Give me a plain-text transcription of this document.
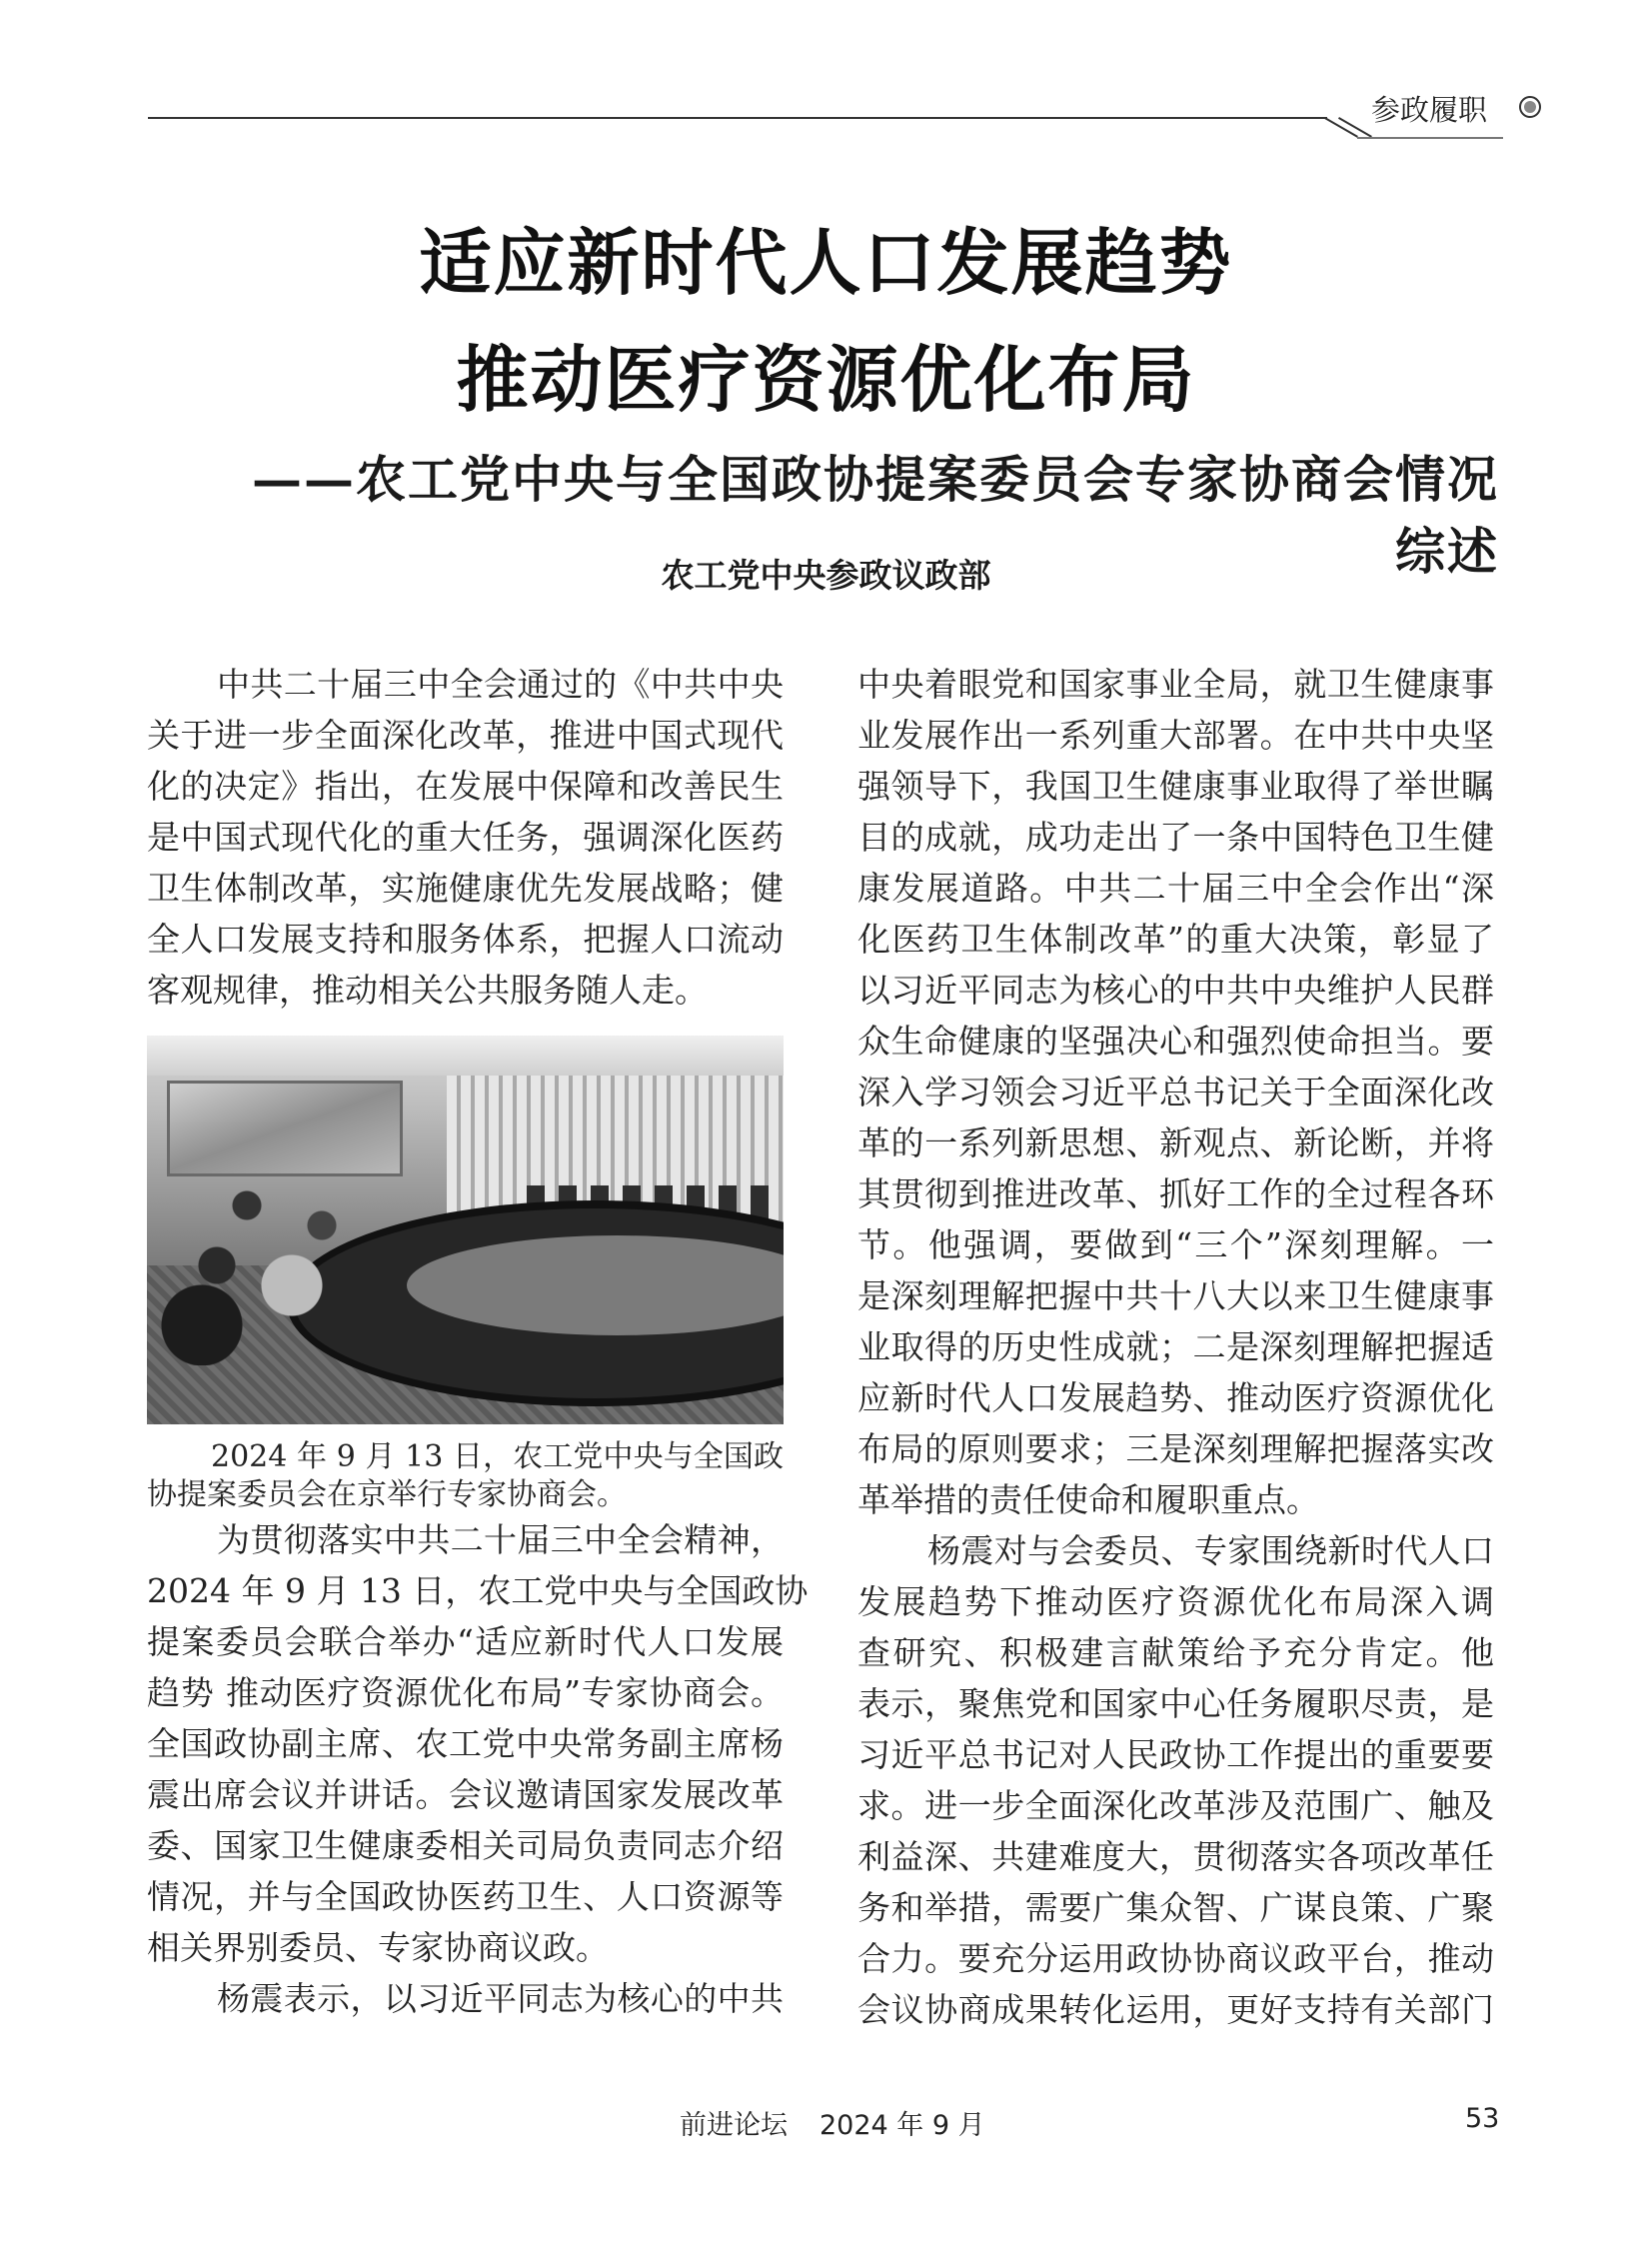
参政履职
适应新时代人口发展趋势
推动医疗资源优化布局
——农工党中央与全国政协提案委员会专家协商会情况综述
农工党中央参政议政部
中共二十届三中全会通过的《中共中央
关于进一步全面深化改革，推进中国式现代
化的决定》指出，在发展中保障和改善民生
是中国式现代化的重大任务，强调深化医药
卫生体制改革，实施健康优先发展战略；健
全人口发展支持和服务体系，把握人口流动
客观规律，推动相关公共服务随人走。
2024 年 9 月 13 日，农工党中央与全国政
协提案委员会在京举行专家协商会。
为贯彻落实中共二十届三中全会精神，
2024 年 9 月 13 日，农工党中央与全国政协
提案委员会联合举办“适应新时代人口发展
趋势 推动医疗资源优化布局”专家协商会。
全国政协副主席、农工党中央常务副主席杨
震出席会议并讲话。会议邀请国家发展改革
委、国家卫生健康委相关司局负责同志介绍
情况，并与全国政协医药卫生、人口资源等
相关界别委员、专家协商议政。
杨震表示，以习近平同志为核心的中共
中央着眼党和国家事业全局，就卫生健康事
业发展作出一系列重大部署。在中共中央坚
强领导下，我国卫生健康事业取得了举世瞩
目的成就，成功走出了一条中国特色卫生健
康发展道路。中共二十届三中全会作出“深
化医药卫生体制改革”的重大决策，彰显了
以习近平同志为核心的中共中央维护人民群
众生命健康的坚强决心和强烈使命担当。要
深入学习领会习近平总书记关于全面深化改
革的一系列新思想、新观点、新论断，并将
其贯彻到推进改革、抓好工作的全过程各环
节。他强调，要做到“三个”深刻理解。一
是深刻理解把握中共十八大以来卫生健康事
业取得的历史性成就；二是深刻理解把握适
应新时代人口发展趋势、推动医疗资源优化
布局的原则要求；三是深刻理解把握落实改
革举措的责任使命和履职重点。
杨震对与会委员、专家围绕新时代人口
发展趋势下推动医疗资源优化布局深入调
查研究、积极建言献策给予充分肯定。他
表示，聚焦党和国家中心任务履职尽责，是
习近平总书记对人民政协工作提出的重要要
求。进一步全面深化改革涉及范围广、触及
利益深、共建难度大，贯彻落实各项改革任
务和举措，需要广集众智、广谋良策、广聚
合力。要充分运用政协协商议政平台，推动
会议协商成果转化运用，更好支持有关部门
前进论坛 2024 年 9 月	53
